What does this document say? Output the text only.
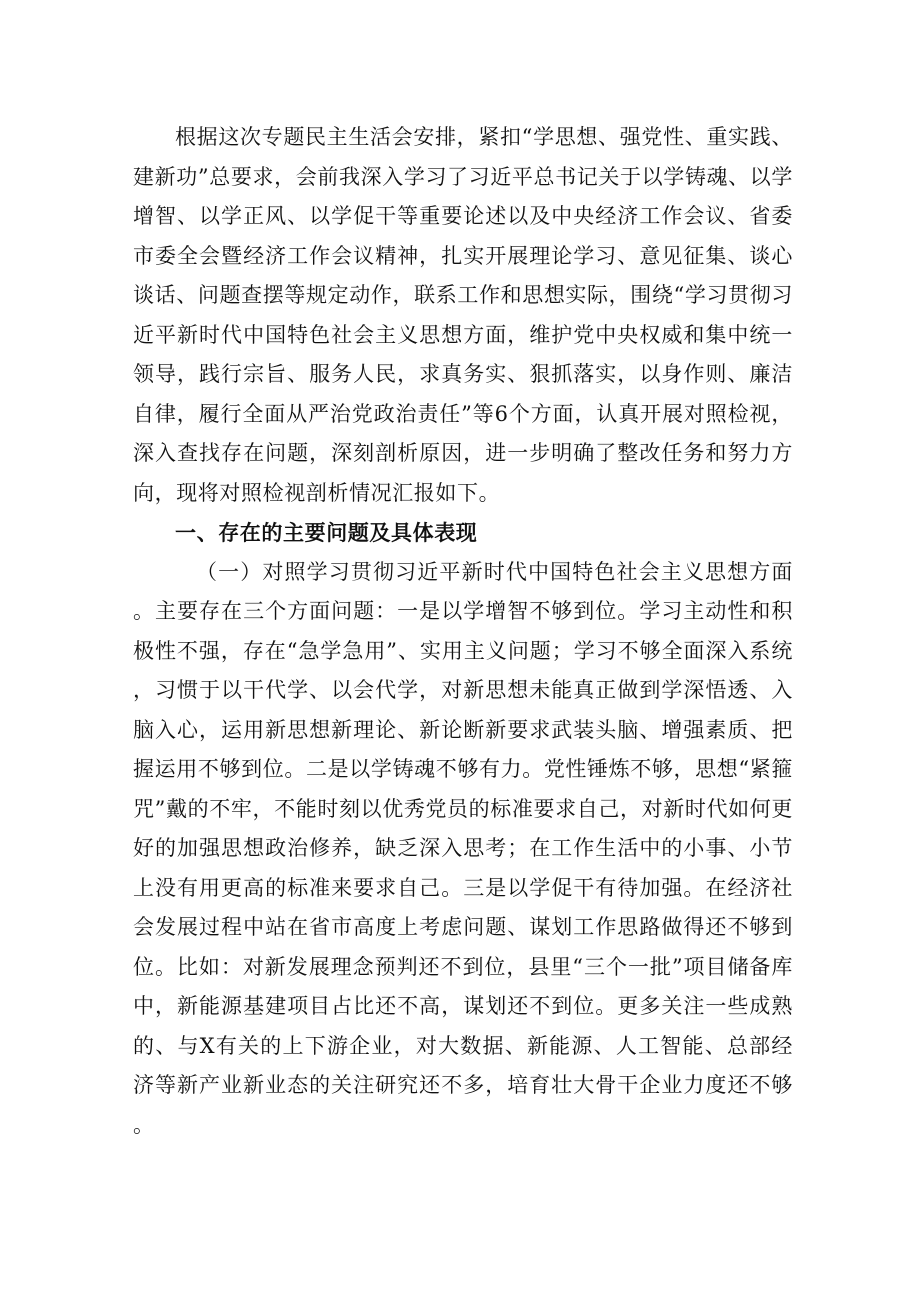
根据这次专题民主生活会安排，紧扣“学思想、强党性、重实践、建新功”总要求，会前我深入学习了习近平总书记关于以学铸魂、以学增智、以学正风、以学促干等重要论述以及中央经济工作会议、省委市委全会暨经济工作会议精神，扎实开展理论学习、意见征集、谈心谈话、问题查摆等规定动作，联系工作和思想实际，围绕“学习贯彻习近平新时代中国特色社会主义思想方面，维护党中央权威和集中统一领导，践行宗旨、服务人民，求真务实、狠抓落实，以身作则、廉洁自律，履行全面从严治党政治责任”等6个方面，认真开展对照检视，深入查找存在问题，深刻剖析原因，进一步明确了整改任务和努力方向，现将对照检视剖析情况汇报如下。

一、存在的主要问题及具体表现

（一）对照学习贯彻习近平新时代中国特色社会主义思想方面。主要存在三个方面问题：一是以学增智不够到位。学习主动性和积极性不强，存在“急学急用”、实用主义问题；学习不够全面深入系统，习惯于以干代学、以会代学，对新思想未能真正做到学深悟透、入脑入心，运用新思想新理论、新论断新要求武装头脑、增强素质、把握运用不够到位。二是以学铸魂不够有力。党性锤炼不够，思想“紧箍咒”戴的不牢，不能时刻以优秀党员的标准要求自己，对新时代如何更好的加强思想政治修养，缺乏深入思考；在工作生活中的小事、小节上没有用更高的标准来要求自己。三是以学促干有待加强。在经济社会发展过程中站在省市高度上考虑问题、谋划工作思路做得还不够到位。比如：对新发展理念预判还不到位，县里“三个一批”项目储备库中，新能源基建项目占比还不高，谋划还不到位。更多关注一些成熟的、与X有关的上下游企业，对大数据、新能源、人工智能、总部经济等新产业新业态的关注研究还不多，培育壮大骨干企业力度还不够。
